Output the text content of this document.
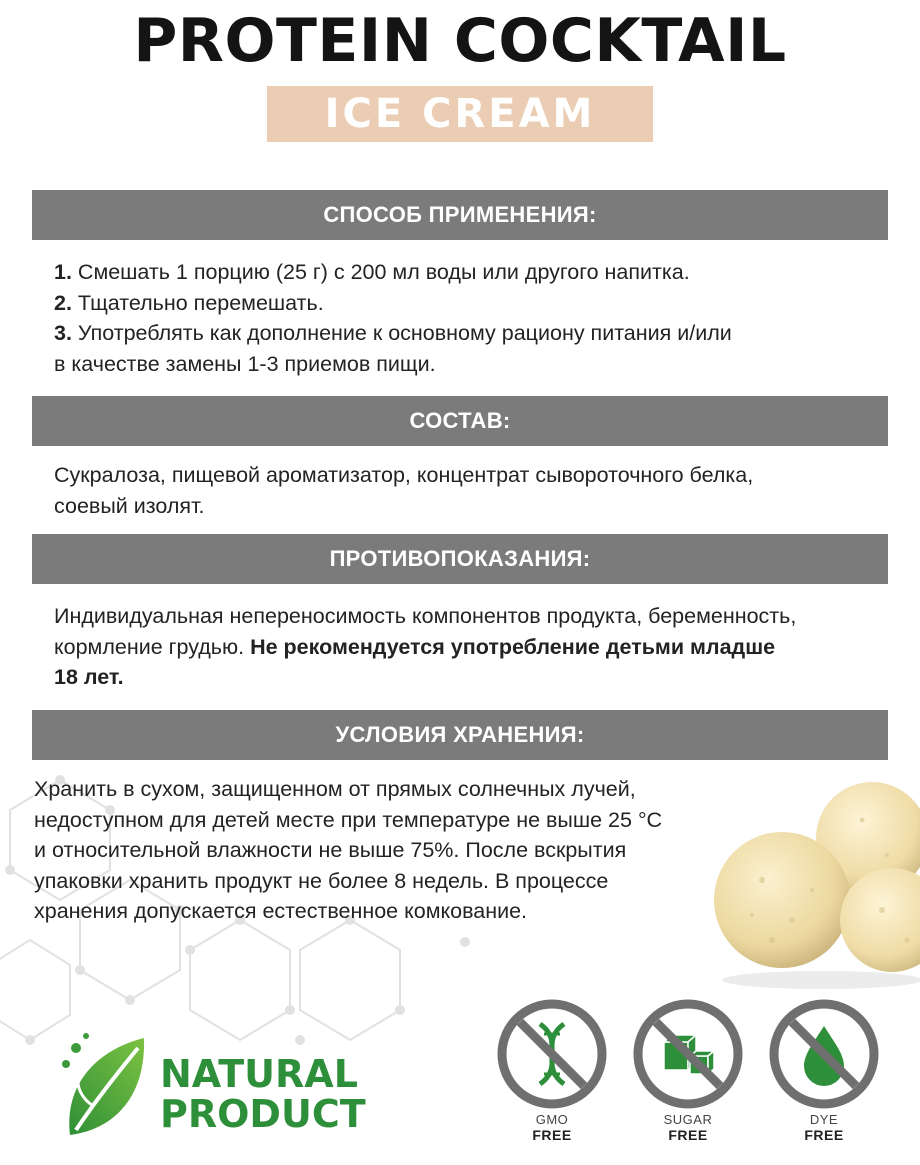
PROTEIN COCKTAIL
ICE CREAM
СПОСОБ ПРИМЕНЕНИЯ:
1. Смешать 1 порцию (25 г) с 200 мл воды или другого напитка.
2. Тщательно перемешать.
3. Употреблять как дополнение к основному рациону питания и/или
в качестве замены 1-3 приемов пищи.
СОСТАВ:
Сукралоза, пищевой ароматизатор, концентрат сывороточного белка,
соевый изолят.
ПРОТИВОПОКАЗАНИЯ:
Индивидуальная непереносимость компонентов продукта, беременность,
кормление грудью. Не рекомендуется употребление детьми младше
18 лет.
УСЛОВИЯ ХРАНЕНИЯ:
Хранить в сухом, защищенном от прямых солнечных лучей,
недоступном для детей месте при температуре не выше 25 °С
и относительной влажности не выше 75%. После вскрытия
упаковки хранить продукт не более 8 недель. В процессе
хранения допускается естественное комкование.
NATURAL
PRODUCT	GMO
FREE
SUGAR
FREE
DYE
FREE
